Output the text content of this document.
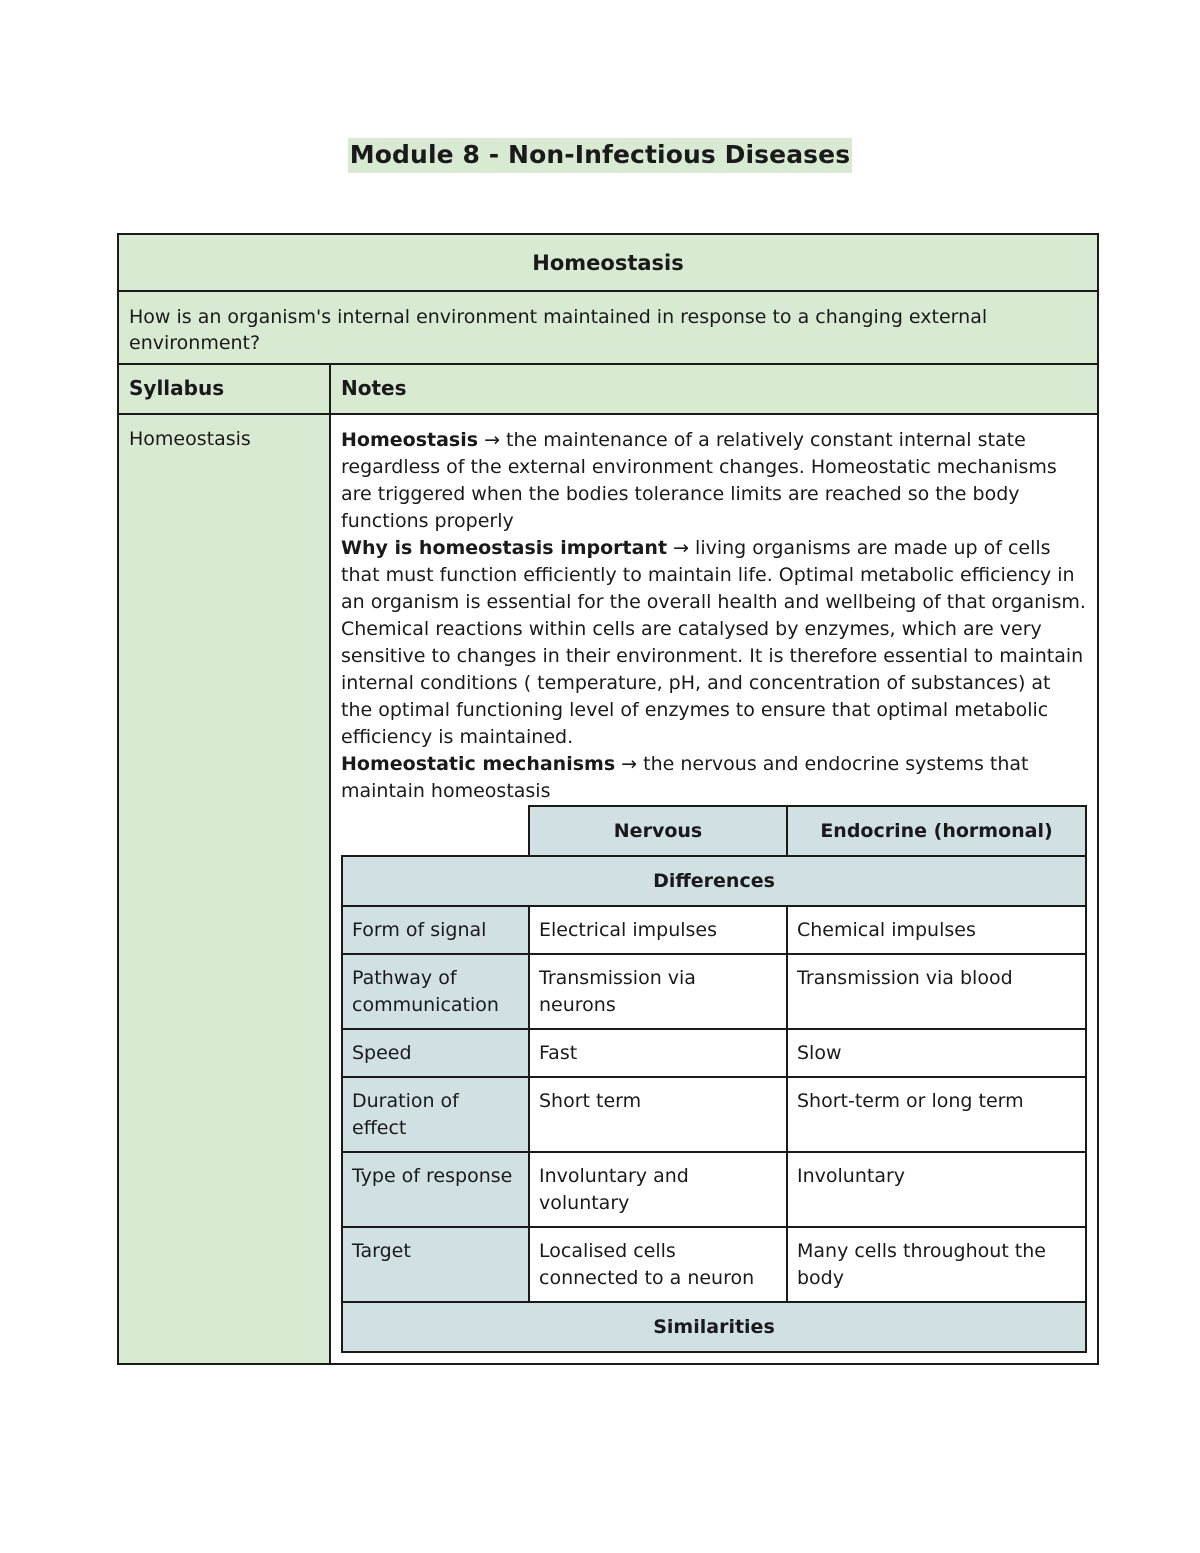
Module 8 - Non-Infectious Diseases
Homeostasis
How is an organism's internal environment maintained in response to a changing external environment?
Syllabus	Notes
Homeostasis	Homeostasis → the maintenance of a relatively constant internal state regardless of the external environment changes. Homeostatic mechanisms are triggered when the bodies tolerance limits are reached so the body functions properly

Why is homeostasis important → living organisms are made up of cells that must function efficiently to maintain life. Optimal metabolic efficiency in an organism is essential for the overall health and wellbeing of that organism. Chemical reactions within cells are catalysed by enzymes, which are very sensitive to changes in their environment. It is therefore essential to maintain internal conditions ( temperature, pH, and concentration of substances) at the optimal functioning level of enzymes to ensure that optimal metabolic efficiency is maintained.

Homeostatic mechanisms → the nervous and endocrine systems that maintain homeostasis

	Nervous	Endocrine (hormonal)
Differences
Form of signal	Electrical impulses	Chemical impulses
Pathway of communication	Transmission via neurons	Transmission via blood
Speed	Fast	Slow
Duration of effect	Short term	Short-term or long term
Type of response	Involuntary and voluntary	Involuntary
Target	Localised cells connected to a neuron	Many cells throughout the body
Similarities
